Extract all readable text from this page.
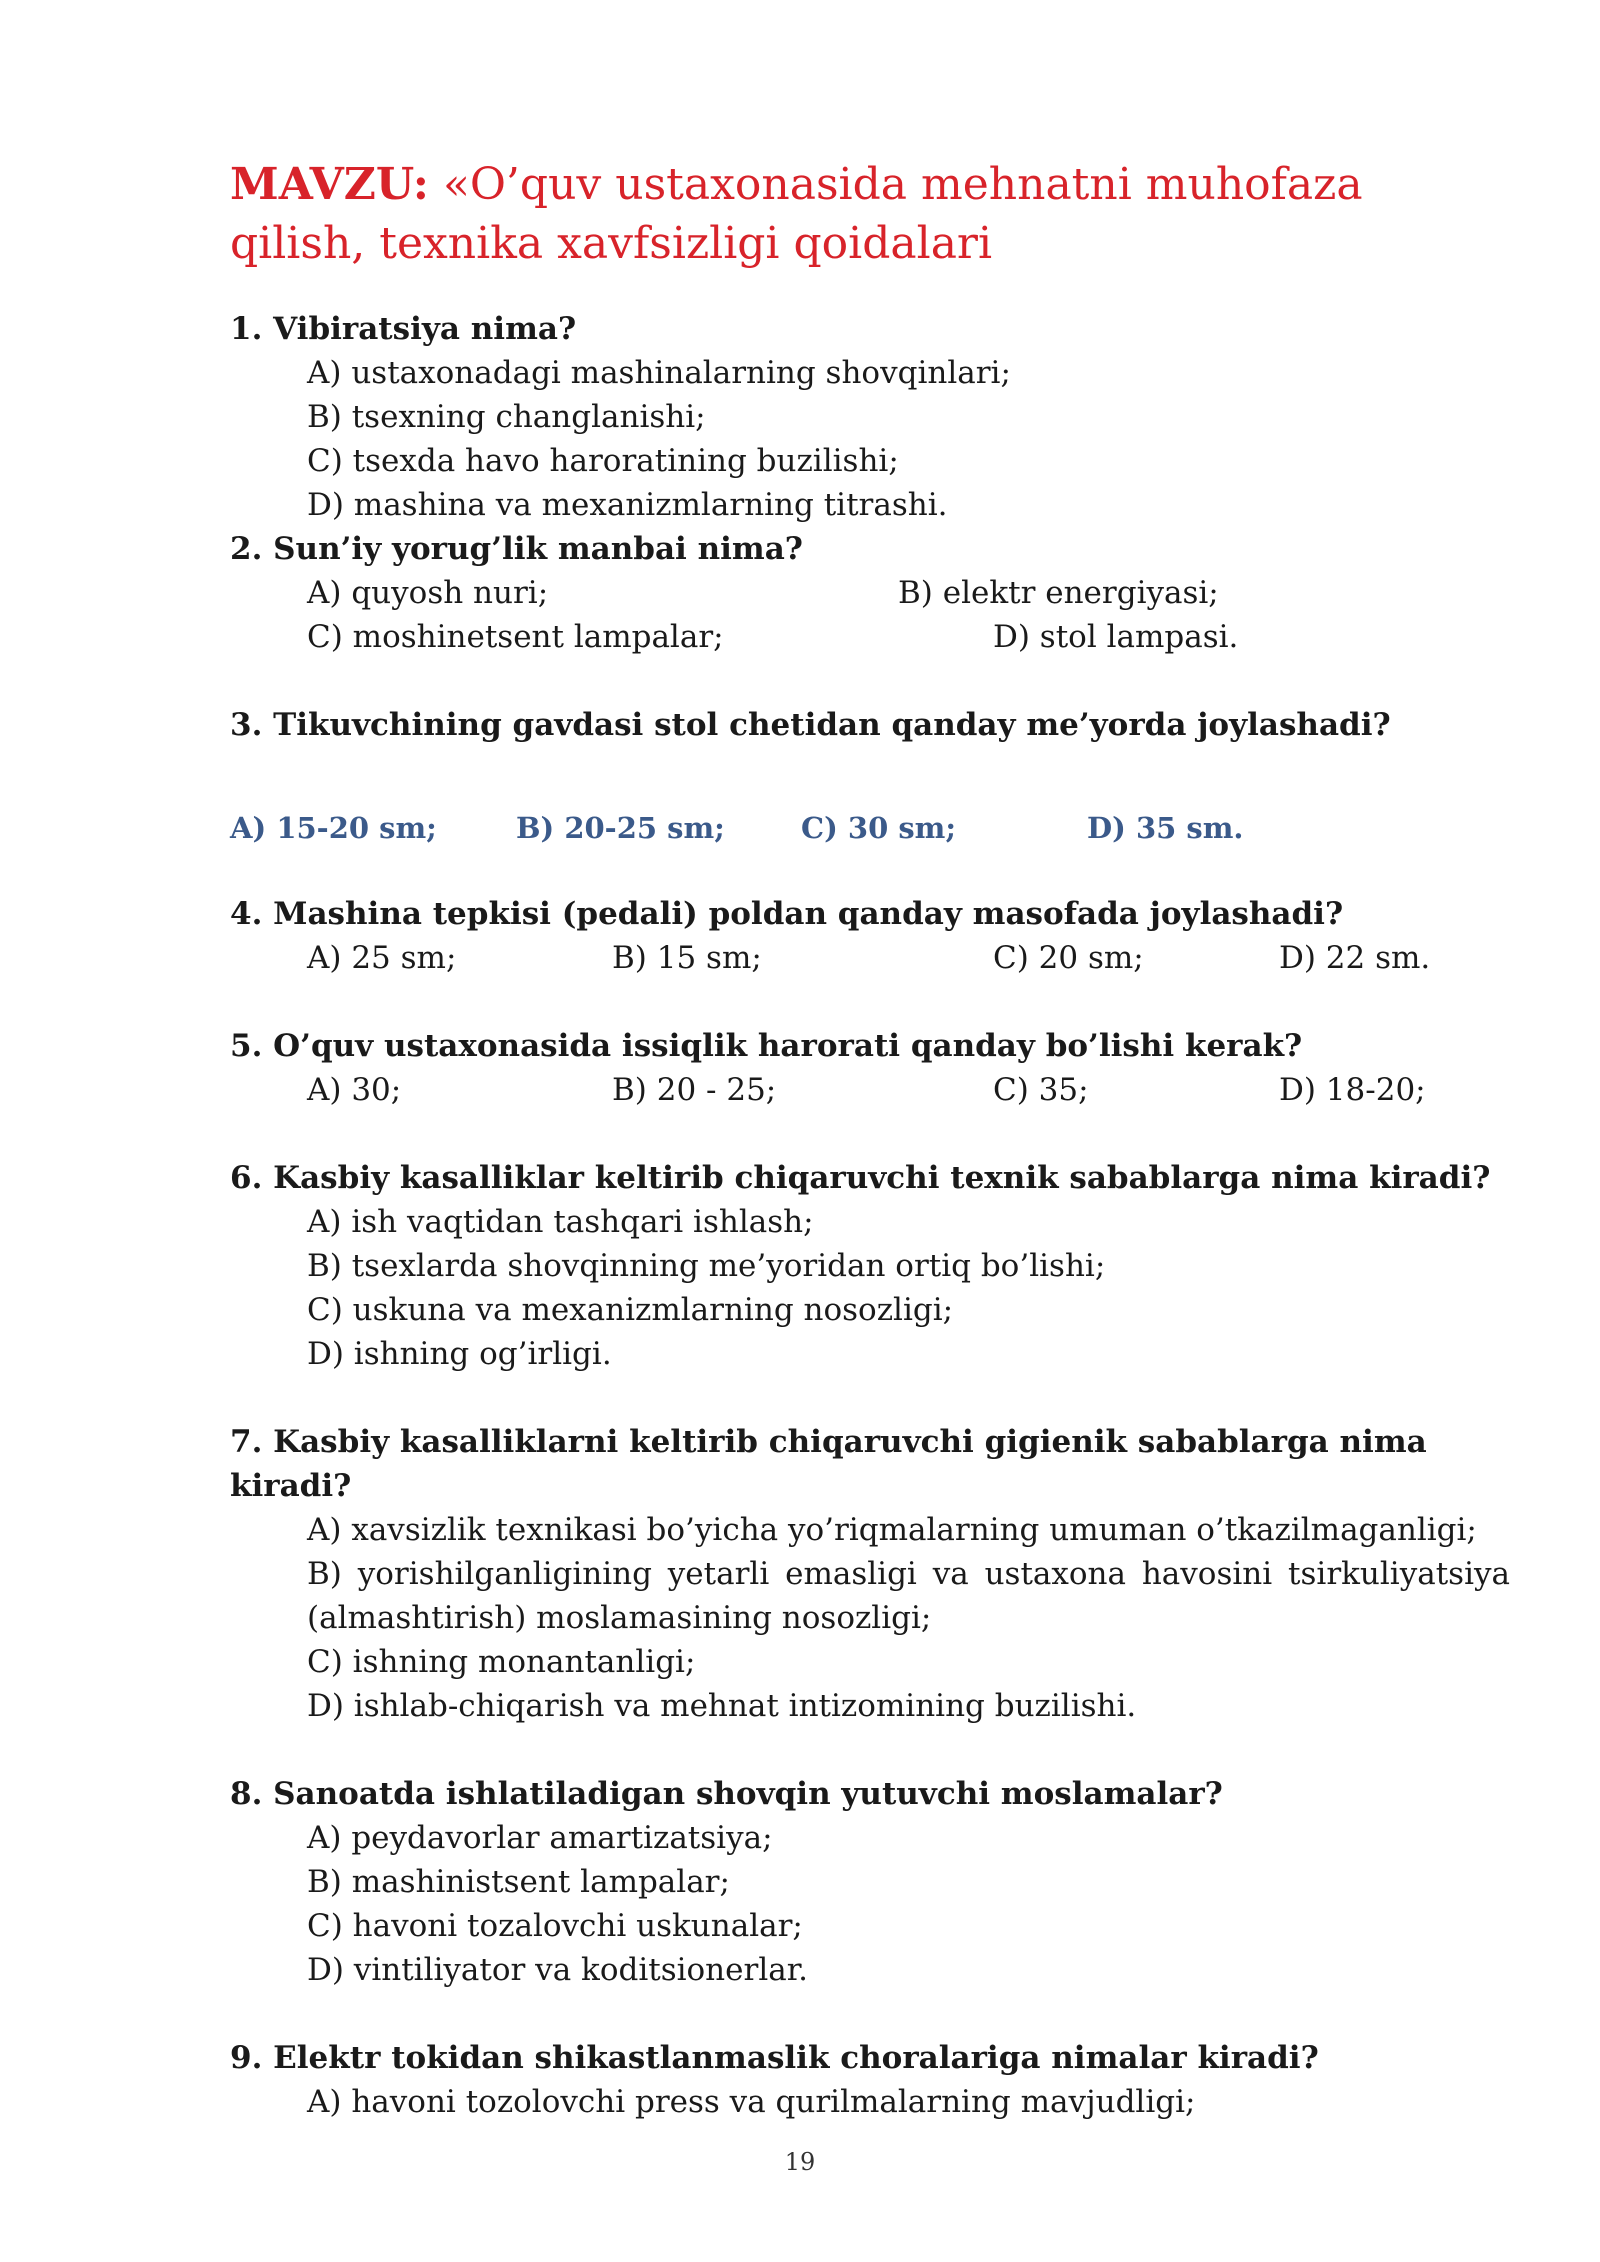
MAVZU: «O’quv ustaxonasida mehnatni muhofaza qilish, texnika xavfsizligi qoidalari

1. Vibiratsiya nima?

A) ustaxonadagi mashinalarning shovqinlari;

B) tsexning changlanishi;

C) tsexda havo haroratining buzilishi;

D) mashina va mexanizmlarning titrashi.

2. Sun’iy yorug’lik manbai nima?

A) quyosh nuri;	B) elektr energiyasi;
C) moshinetsent lampalar;	D) stol lampasi.

3. Tikuvchining gavdasi stol chetidan qanday me’yorda joylashadi?

A) 15-20 sm;	B) 20-25 sm;	C) 30 sm;	D) 35 sm.

4. Mashina tepkisi (pedali) poldan qanday masofada joylashadi?

A) 25 sm;	B) 15 sm;	C) 20 sm;	D) 22 sm.

5. O’quv ustaxonasida issiqlik harorati qanday bo’lishi kerak?

A) 30;	B) 20 - 25;	C) 35;	D) 18-20;

6. Kasbiy kasalliklar keltirib chiqaruvchi texnik sabablarga nima kiradi?

A) ish vaqtidan tashqari ishlash;

B) tsexlarda shovqinning me’yoridan ortiq bo’lishi;

C) uskuna va mexanizmlarning nosozligi;

D) ishning og’irligi.

7. Kasbiy kasalliklarni keltirib chiqaruvchi gigienik sabablarga nima kiradi?

A) xavsizlik texnikasi bo’yicha yo’riqmalarning umuman o’tkazilmaganligi;

B) yorishilganligining yetarli emasligi va ustaxona havosini tsirkuliyatsiya (almashtirish) moslamasining nosozligi;

C) ishning monantanligi;

D) ishlab-chiqarish va mehnat intizomining buzilishi.

8. Sanoatda ishlatiladigan shovqin yutuvchi moslamalar?

A) peydavorlar amartizatsiya;

B) mashinistsent lampalar;

C) havoni tozalovchi uskunalar;

D) vintiliyator va koditsionerlar.

9. Elektr tokidan shikastlanmaslik choralariga nimalar kiradi?

A) havoni tozolovchi press va qurilmalarning mavjudligi;

19
